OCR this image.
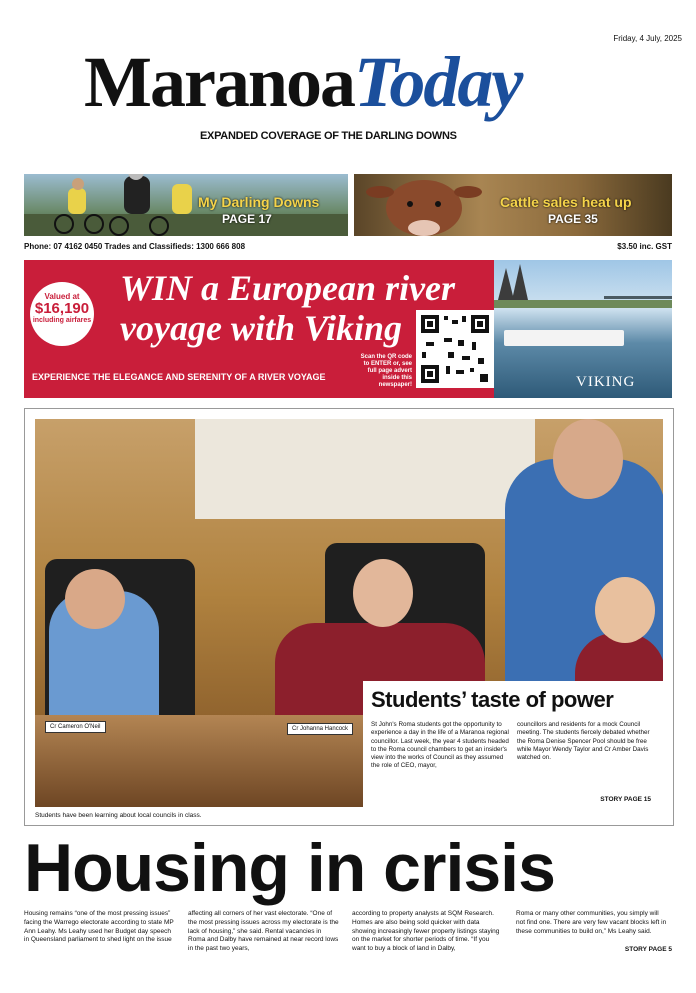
Friday, 4 July, 2025
MaranoaToday
EXPANDED COVERAGE OF THE DARLING DOWNS
My Darling Downs
PAGE 17
Cattle sales heat up
PAGE 35
Phone: 07 4162 0450 Trades and Classifieds: 1300 666 808	$3.50 inc. GST
Valued at
$16,190
including airfares
WIN a European river
voyage with Viking
EXPERIENCE THE ELEGANCE AND SERENITY OF A RIVER VOYAGE
Scan the QR code to ENTER or, see full page advert inside this newspaper!	VIKING
Cr Cameron O'Neil	Cr Johanna Hancock
Students’ taste of power
St John's Roma students got the opportunity to experience a day in the life of a Maranoa regional councillor. Last week, the year 4 students headed to the Roma council chambers to get an insider's view into the works of Council as they assumed the role of CEO, mayor,
councillors and residents for a mock Council meeting. The students fiercely debated whether the Roma Denise Spencer Pool should be free while Mayor Wendy Taylor and Cr Amber Davis watched on.
STORY PAGE 15
Students have been learning about local councils in class.
Housing in crisis
Housing remains “one of the most pressing issues” facing the Warrego electorate according to state MP Ann Leahy. Ms Leahy used her Budget day speech in Queensland parliament to shed light on the issue
affecting all corners of her vast electorate. “One of the most pressing issues across my electorate is the lack of housing,” she said. Rental vacancies in Roma and Dalby have remained at near record lows in the past two years,
according to property analysts at SQM Research. Homes are also being sold quicker with data showing increasingly fewer property listings staying on the market for shorter periods of time. “If you want to buy a block of land in Dalby,
Roma or many other communities, you simply will not find one. There are very few vacant blocks left in these communities to build on,” Ms Leahy said.
STORY PAGE 5
